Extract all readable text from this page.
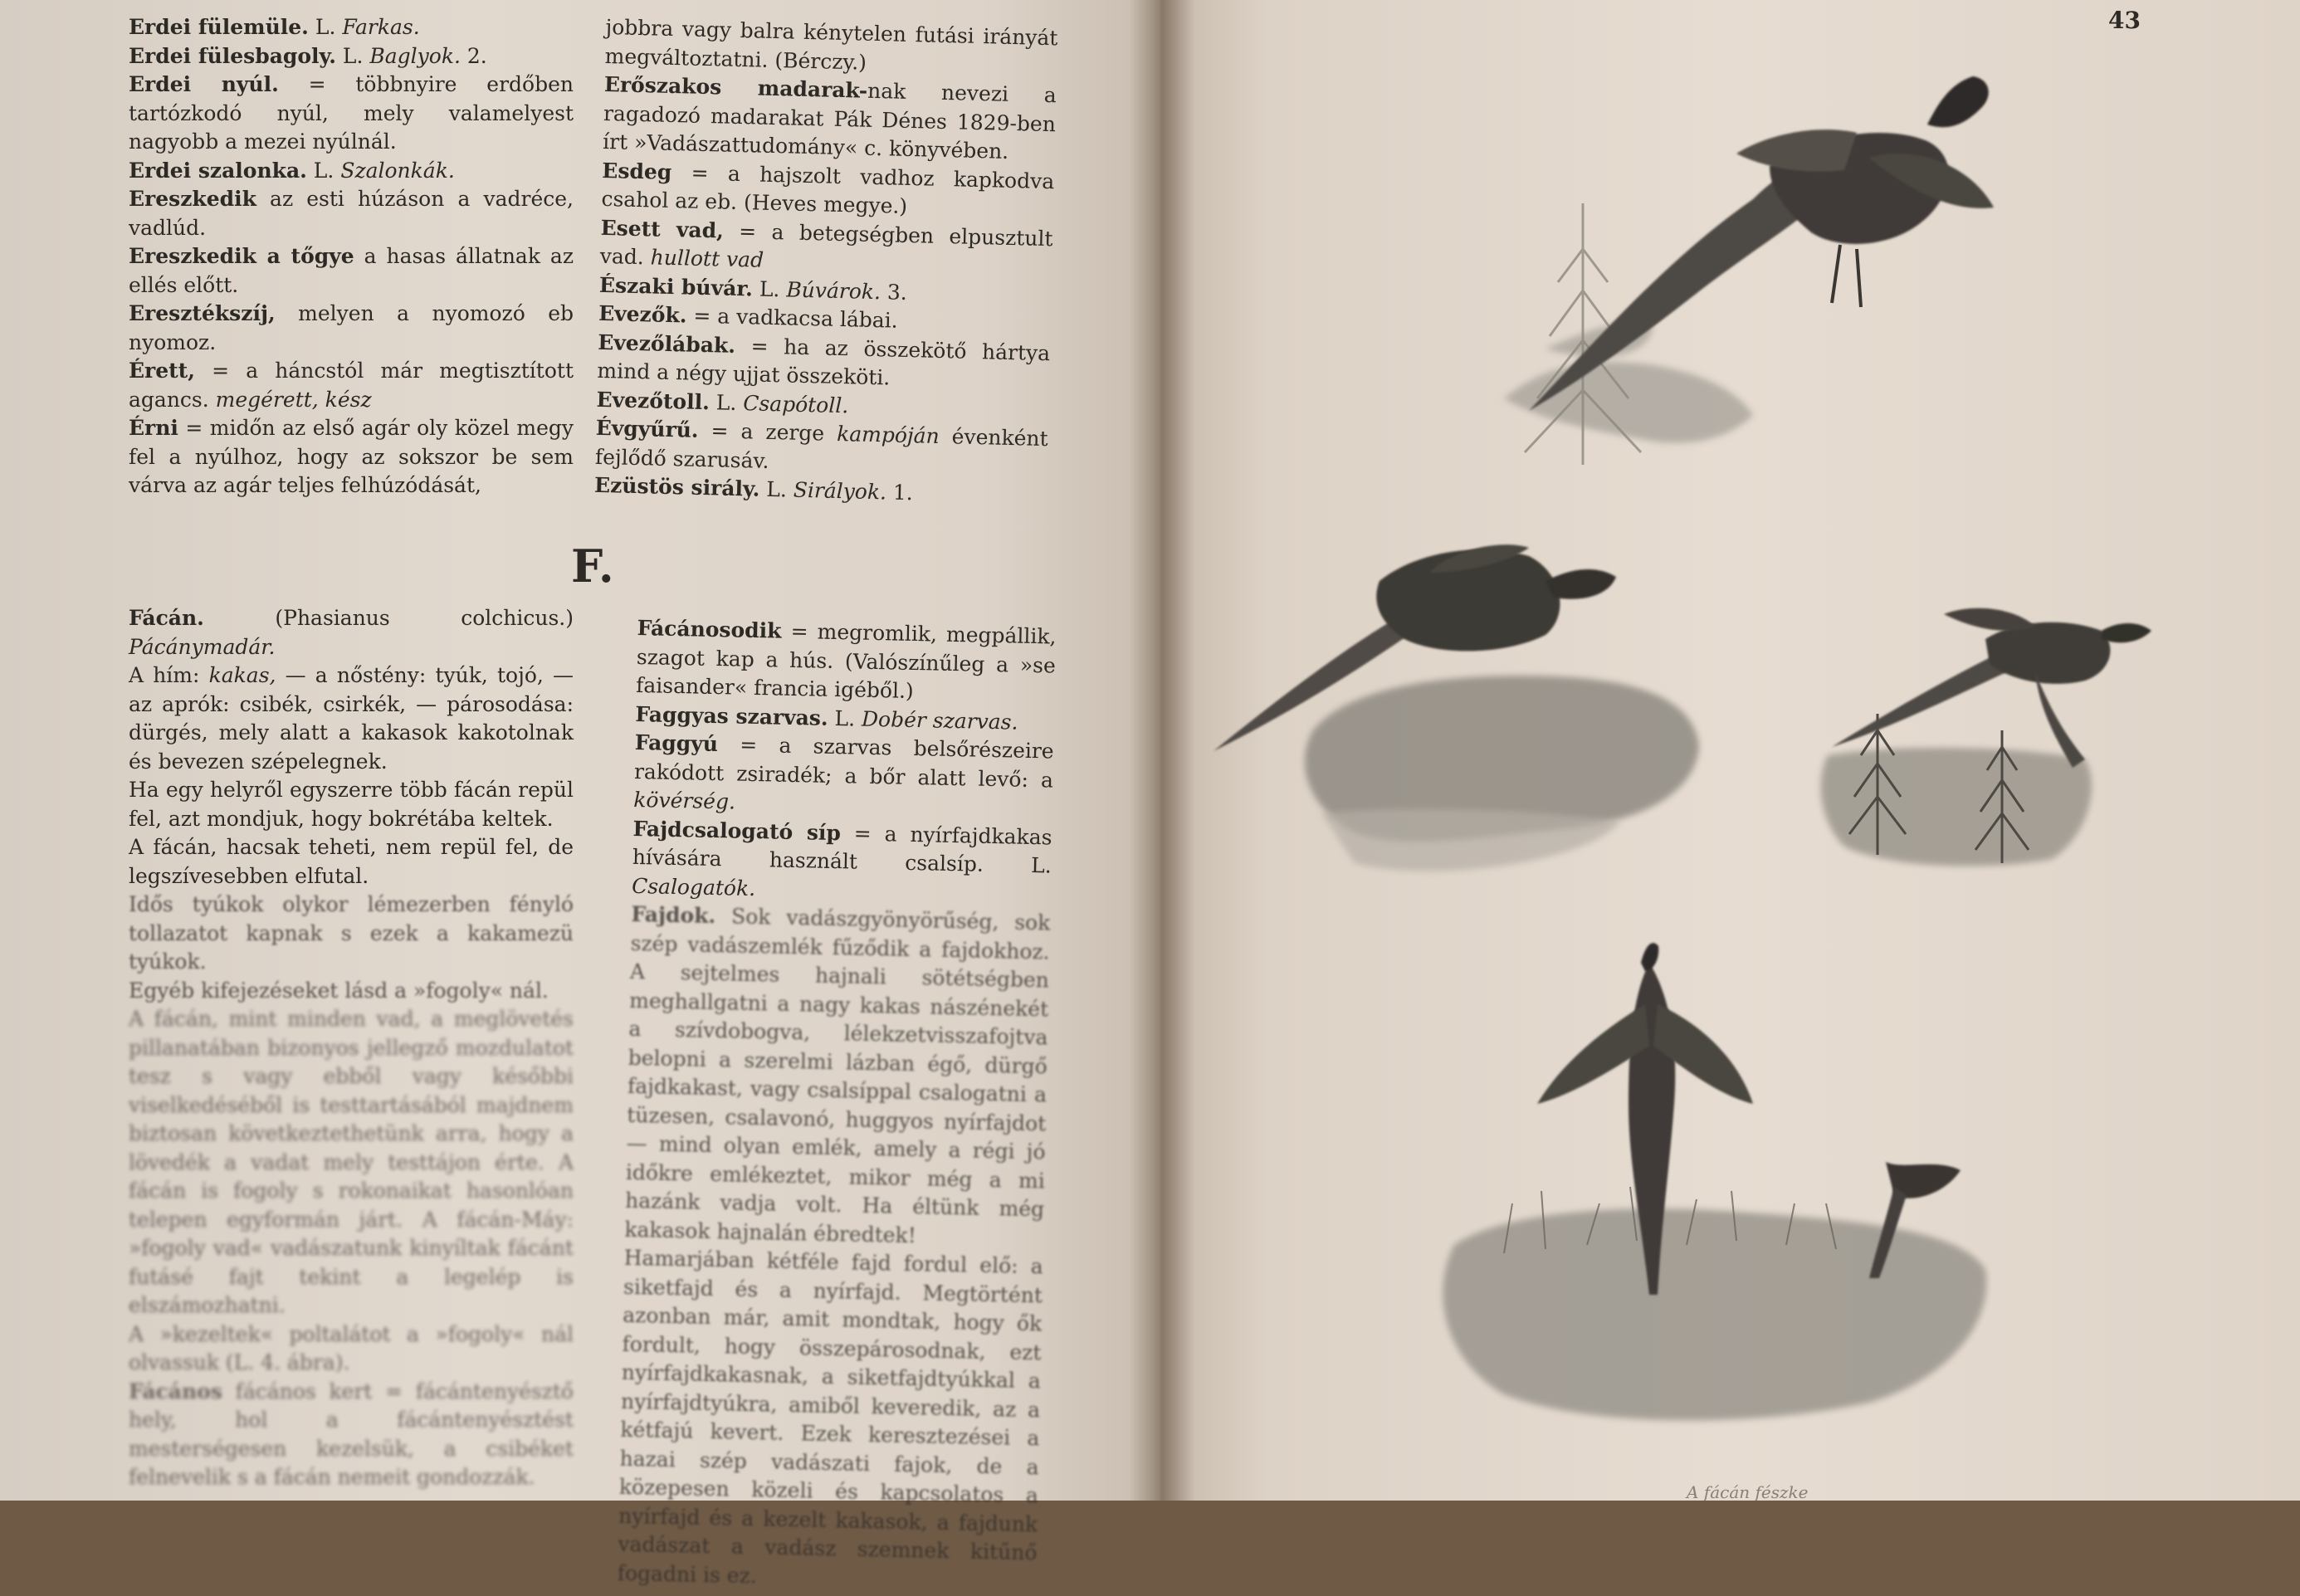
Erdei fülemüle. L. Farkas.

Erdei fülesbagoly. L. Baglyok. 2.

Erdei nyúl. = többnyire erdőben tartózkodó nyúl, mely valamelyest nagyobb a mezei nyúlnál.

Erdei szalonka. L. Szalonkák.

Ereszkedik az esti húzáson a vadréce, vadlúd.

Ereszkedik a tőgye a hasas állatnak az ellés előtt.

Eresztékszíj, melyen a nyomozó eb nyomoz.

Érett, = a háncstól már megtisztított agancs. megérett, kész

Érni = midőn az első agár oly közel megy fel a nyúlhoz, hogy az sokszor be sem várva az agár teljes felhúzódását,

jobbra vagy balra kénytelen futási irányát megváltoztatni. (Bérczy.)

Erőszakos madarak-nak nevezi a ragadozó madarakat Pák Dénes 1829-ben írt »Vadászattudomány« c. könyvében.

Esdeg = a hajszolt vadhoz kapkodva csahol az eb. (Heves megye.)

Esett vad, = a betegségben elpusztult vad. hullott vad

Északi búvár. L. Búvárok. 3.

Evezők. = a vadkacsa lábai.

Evezőlábak. = ha az összekötő hártya mind a négy ujjat összeköti.

Evezőtoll. L. Csapótoll.

Évgyűrű. = a zerge kampóján évenként fejlődő szarusáv.

Ezüstös sirály. L. Sirályok. 1.

F.

Fácán. (Phasianus colchicus.) Pácánymadár.

A hím: kakas, — a nőstény: tyúk, tojó, — az aprók: csibék, csirkék, — párosodása: dürgés, mely alatt a kakasok kakotolnak és bevezen szépelegnek.

Ha egy helyről egyszerre több fácán repül fel, azt mondjuk, hogy bokrétába keltek.

A fácán, hacsak teheti, nem repül fel, de legszívesebben elfutal.

Idős tyúkok olykor lémezerben fényló tollazatot kapnak s ezek a kakamezü tyúkok.

Egyéb kifejezéseket lásd a »fogoly« nál.

A fácán, mint minden vad, a meglövetés pillanatában bizonyos jellegző mozdulatot tesz s vagy ebből vagy későbbi viselkedéséből is testtartásából majdnem biztosan következtethetünk arra, hogy a lövedék a vadat mely testtájon érte. A fácán is fogoly s rokonaikat hasonlóan telepen egyformán járt. A fácán-Máy: »fogoly vad« vadászatunk kinyíltak fácánt futásé fajt tekint a legelép is elszámozhatni.

A »kezeltek« poltalátot a »fogoly« nál olvassuk (L. 4. ábra).

Fácános fácános kert = fácántenyésztő hely, hol a fácántenyésztést mesterségesen kezelsük, a csibéket felnevelik s a fácán nemeit gondozzák.

Fácánosodik = megromlik, megpállik, szagot kap a hús. (Valószínűleg a »se faisander« francia igéből.)

Faggyas szarvas. L. Dobér szarvas.

Faggyú = a szarvas belsőrészeire rakódott zsiradék; a bőr alatt levő: a kövérség.

Fajdcsalogató síp = a nyírfajdkakas hívására használt csalsíp. L. Csalogatók.

Fajdok. Sok vadászgyönyörűség, sok szép vadászemlék fűződik a fajdokhoz. A sejtelmes hajnali sötétségben meghallgatni a nagy kakas nászénekét a szívdobogva, lélekzetvisszafojtva belopni a szerelmi lázban égő, dürgő fajdkakast, vagy csalsíppal csalogatni a tüzesen, csalavonó, huggyos nyírfajdot — mind olyan emlék, amely a régi jó időkre emlékeztet, mikor még a mi hazánk vadja volt. Ha éltünk még kakasok hajnalán ébredtek!

Hamarjában kétféle fajd fordul elő: a siketfajd és a nyírfajd. Megtörtént azonban már, amit mondtak, hogy ők fordult, hogy összepárosodnak, ezt nyírfajdkakasnak, a siketfajdtyúkkal a nyírfajdtyúkra, amiből keveredik, az a kétfajú kevert. Ezek keresztezései a hazai szép vadászati fajok, de a közepesen közeli és kapcsolatos a nyírfajd és a kezelt kakasok, a fajdunk vadászat a vadász szemnek kitűnő fogadni is ez.

43
A fácán fészke
